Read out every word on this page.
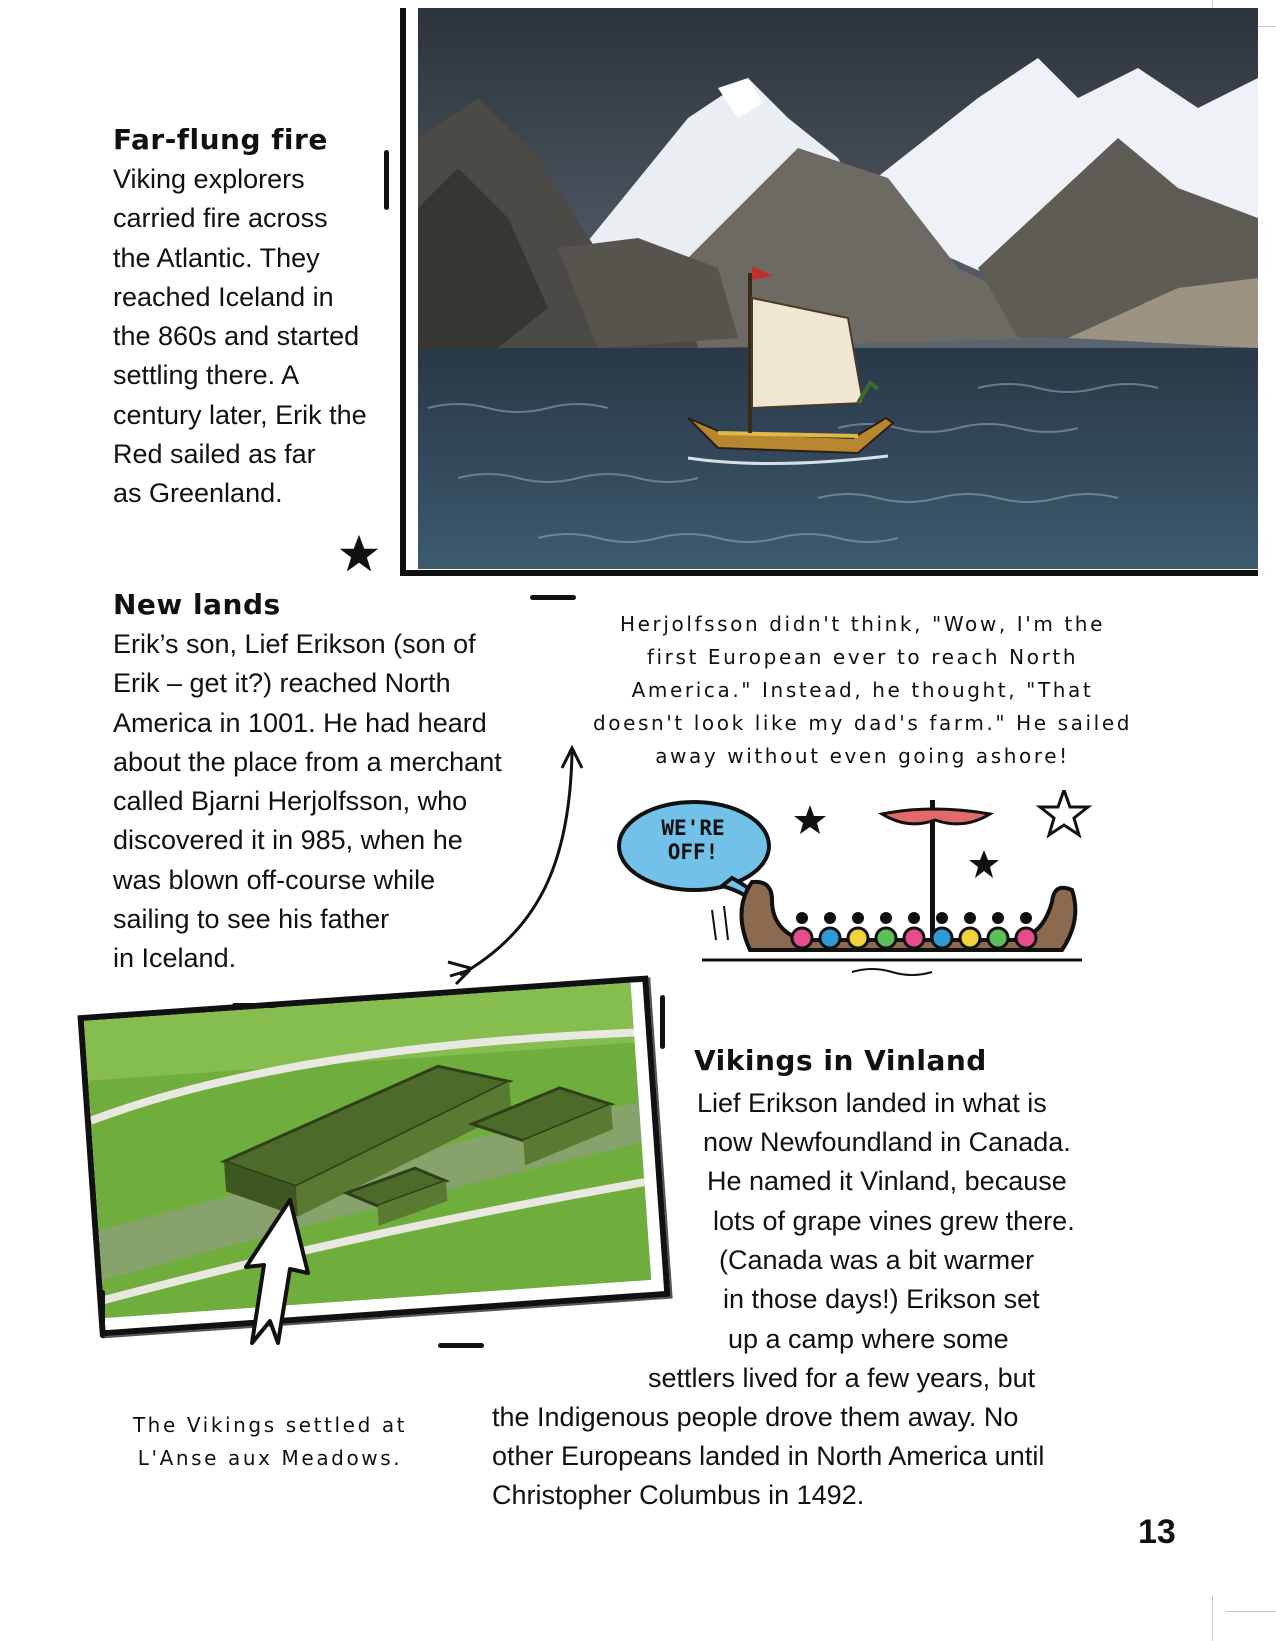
Far-flung fire
Viking explorers
carried fire across
the Atlantic. They
reached Iceland in
the 860s and started
settling there. A
century later, Erik the
Red sailed as far
as Greenland.
New lands
Erik’s son, Lief Erikson (son of
Erik – get it?) reached North
America in 1001. He had heard
about the place from a merchant
called Bjarni Herjolfsson, who
discovered it in 985, when he
was blown off-course while
sailing to see his father
in Iceland.
Herjolfsson didn't think, "Wow, I'm the
first European ever to reach North
America." Instead, he thought, "That
doesn't look like my dad's farm." He sailed
away without even going ashore!
WE'RE
OFF!
The Vikings settled at
L'Anse aux Meadows.
Vikings in Vinland
Lief Erikson landed in what is
now Newfoundland in Canada.
He named it Vinland, because
lots of grape vines grew there.
(Canada was a bit warmer
in those days!) Erikson set
up a camp where some
settlers lived for a few years, but
the Indigenous people drove them away. No
other Europeans landed in North America until
Christopher Columbus in 1492.
13
